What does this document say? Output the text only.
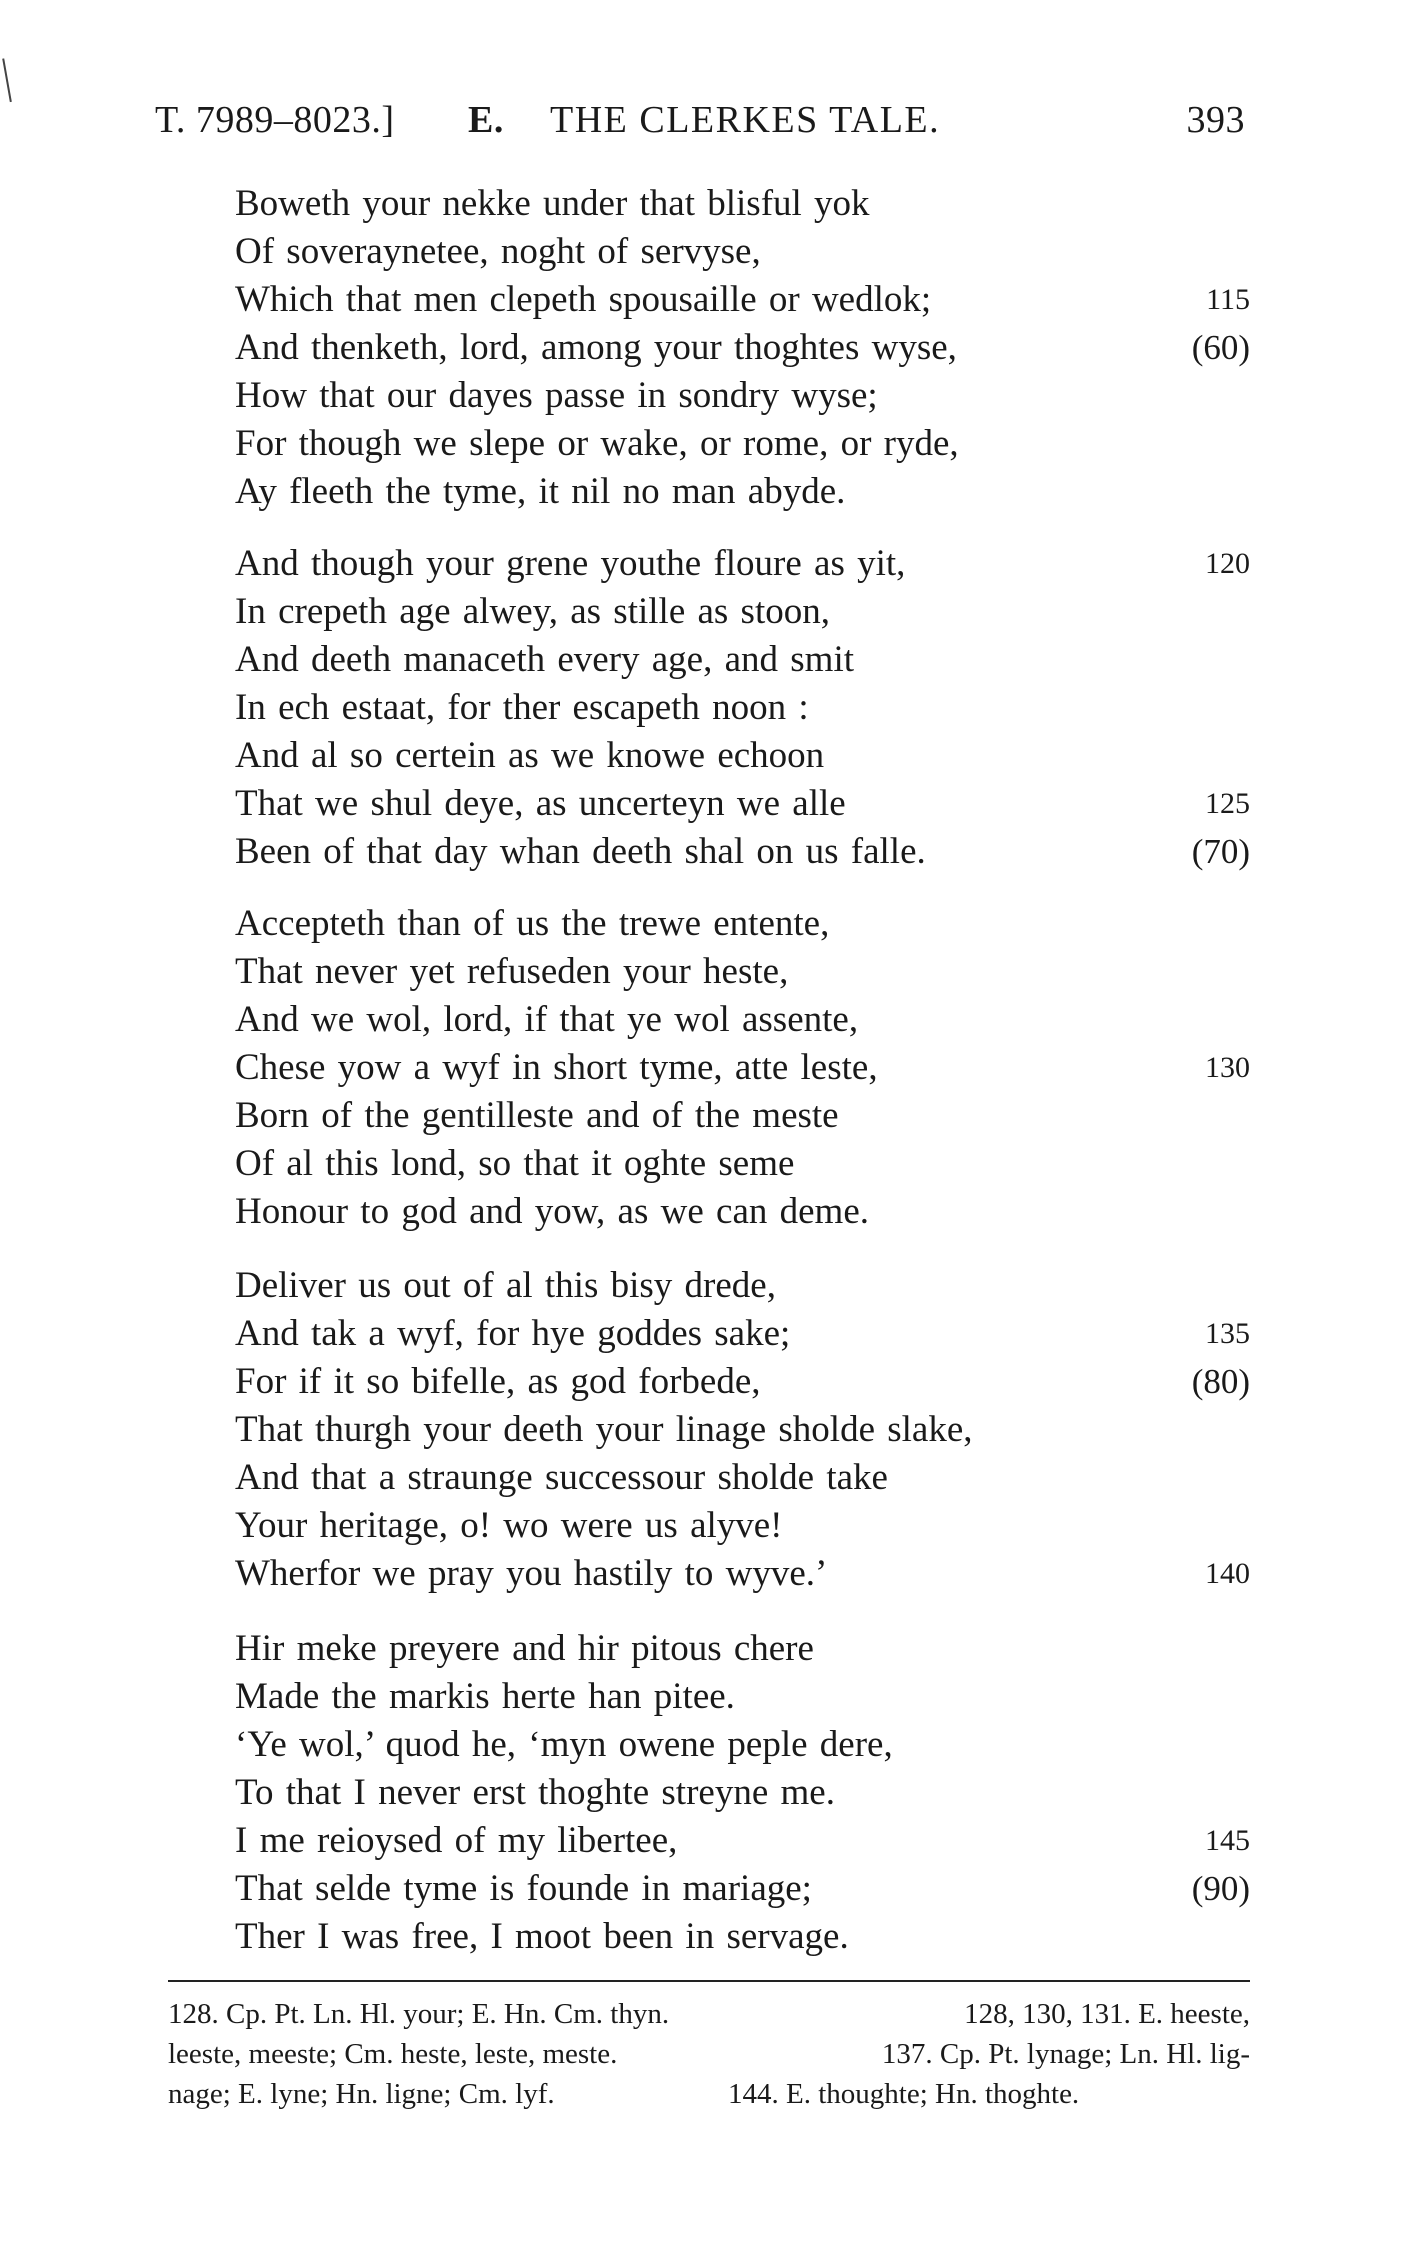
T. 7989–8023.] E. THE CLERKES TALE.	393
Boweth your nekke under that blisful yok
Of soveraynetee, noght of servyse,
Which that men clepeth spousaille or wedlok;	115
And thenketh, lord, among your thoghtes wyse,	(60)
How that our dayes passe in sondry wyse;
For though we slepe or wake, or rome, or ryde,
Ay fleeth the tyme, it nil no man abyde.
And though your grene youthe floure as yit,	120
In crepeth age alwey, as stille as stoon,
And deeth manaceth every age, and smit
In ech estaat, for ther escapeth noon :
And al so certein as we knowe echoon
That we shul deye, as uncerteyn we alle	125
Been of that day whan deeth shal on us falle.	(70)
Accepteth than of us the trewe entente,
That never yet refuseden your heste,
And we wol, lord, if that ye wol assente,
Chese yow a wyf in short tyme, atte leste,	130
Born of the gentilleste and of the meste
Of al this lond, so that it oghte seme
Honour to god and yow, as we can deme.
Deliver us out of al this bisy drede,
And tak a wyf, for hye goddes sake;	135
For if it so bifelle, as god forbede,	(80)
That thurgh your deeth your linage sholde slake,
And that a straunge successour sholde take
Your heritage, o! wo were us alyve!
Wherfor we pray you hastily to wyve.’	140
Hir meke preyere and hir pitous chere
Made the markis herte han pitee.
‘Ye wol,’ quod he, ‘myn owene peple dere,
To that I never erst thoghte streyne me.
I me reioysed of my libertee,	145
That selde tyme is founde in mariage;	(90)
Ther I was free, I moot been in servage.
128. Cp. Pt. Ln. Hl. your; E. Hn. Cm. thyn.	128, 130, 131. E. heeste,
leeste, meeste; Cm. heste, leste, meste.	137. Cp. Pt. lynage; Ln. Hl. lig-
nage; E. lyne; Hn. ligne; Cm. lyf.	144. E. thoughte; Hn. thoghte.
